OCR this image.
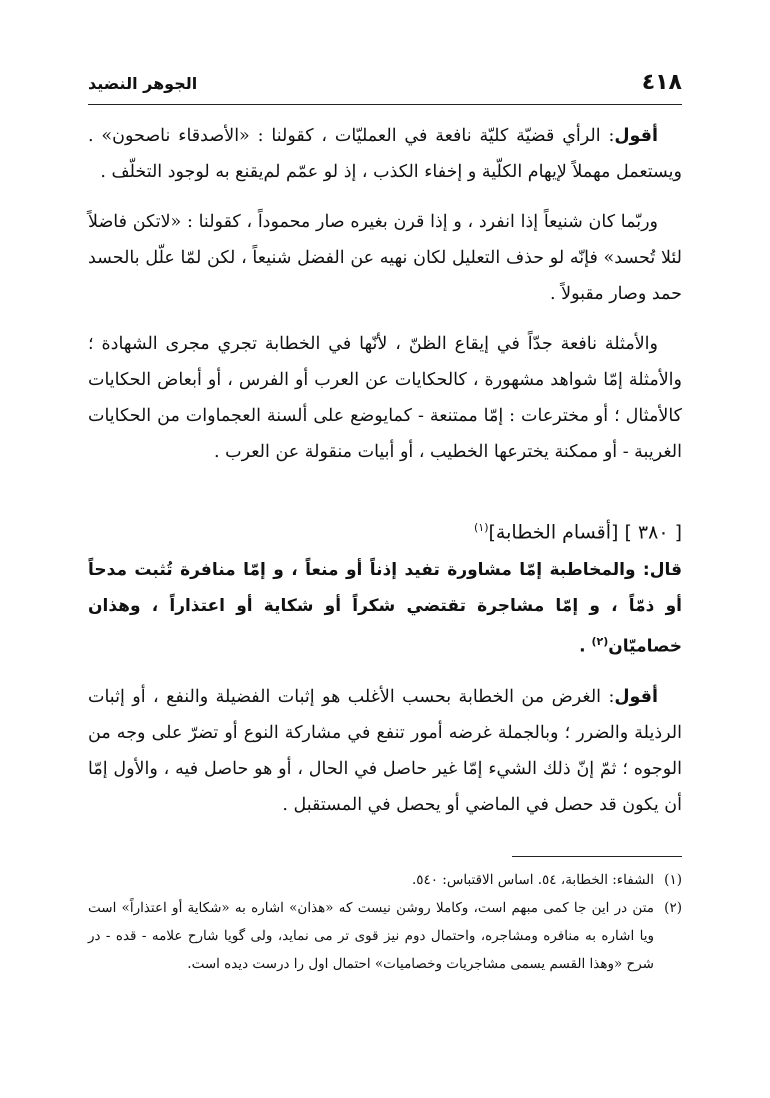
٤١٨
الجوهر النضيد

أقول: الرأي قضيّة كليّة نافعة في العمليّات ، كقولنا : «الأصدقاء ناصحون» . ويستعمل مهملاً لإيهام الكلّية و إخفاء الكذب ، إذ لو عمّم لم‌يقنع به لوجود التخلّف .

وربّما كان شنيعاً إذا انفرد ، و إذا قرن بغيره صار محموداً ، كقولنا : «لاتكن فاضلاً لئلا تُحسد» فإنّه لو حذف التعليل لكان نهيه عن الفضل شنيعاً ، لكن لمّا علّل بالحسد حمد وصار مقبولاً .

والأمثلة نافعة جدّاً في إيقاع الظنّ ، لأنّها في الخطابة تجري مجرى الشهادة ؛ والأمثلة إمّا شواهد مشهورة ، كالحكايات عن العرب أو الفرس ، أو أبعاض الحكايات كالأمثال ؛ أو مخترعات : إمّا ممتنعة - كمايوضع على ألسنة العجماوات من الحكايات الغريبة - أو ممكنة يخترعها الخطيب ، أو أبيات منقولة عن العرب .

[ ٣٨٠ ] [أقسام الخطابة]$^{(١)}$

قال: والمخاطبة إمّا مشاورة تفيد إذناً أو منعاً ، و إمّا منافرة تُثبت مدحاً أو ذمّاً ، و إمّا مشاجرة تقتضي شكراً أو شكاية أو اعتذاراً ، وهذان خصاميّان$^{(٢)}$ .

أقول: الغرض من الخطابة بحسب الأغلب هو إثبات الفضيلة والنفع ، أو إثبات الرذيلة والضرر ؛ وبالجملة غرضه أمور تنفع في مشاركة النوع أو تضرّ على وجه من الوجوه ؛ ثمّ إنّ ذلك الشيء إمّا غير حاصل في الحال ، أو هو حاصل فيه ، والأول إمّا أن يكون قد حصل في الماضي أو يحصل في المستقبل .

(١)
الشفاء: الخطابة، ٥٤. اساس الاقتباس: ٥٤٠.

(٢)
متن در اين جا كمى مبهم است، وكاملا روشن نيست كه «هذان» اشاره به «شكاية أو اعتذاراً» است ويا اشاره به منافره ومشاجره، واحتمال دوم نيز قوى تر مى نمايد، ولى گويا شارح علامه - قده - در شرح «وهذا القسم يسمى مشاجريات وخصاميات» احتمال اول را درست ديده است.
